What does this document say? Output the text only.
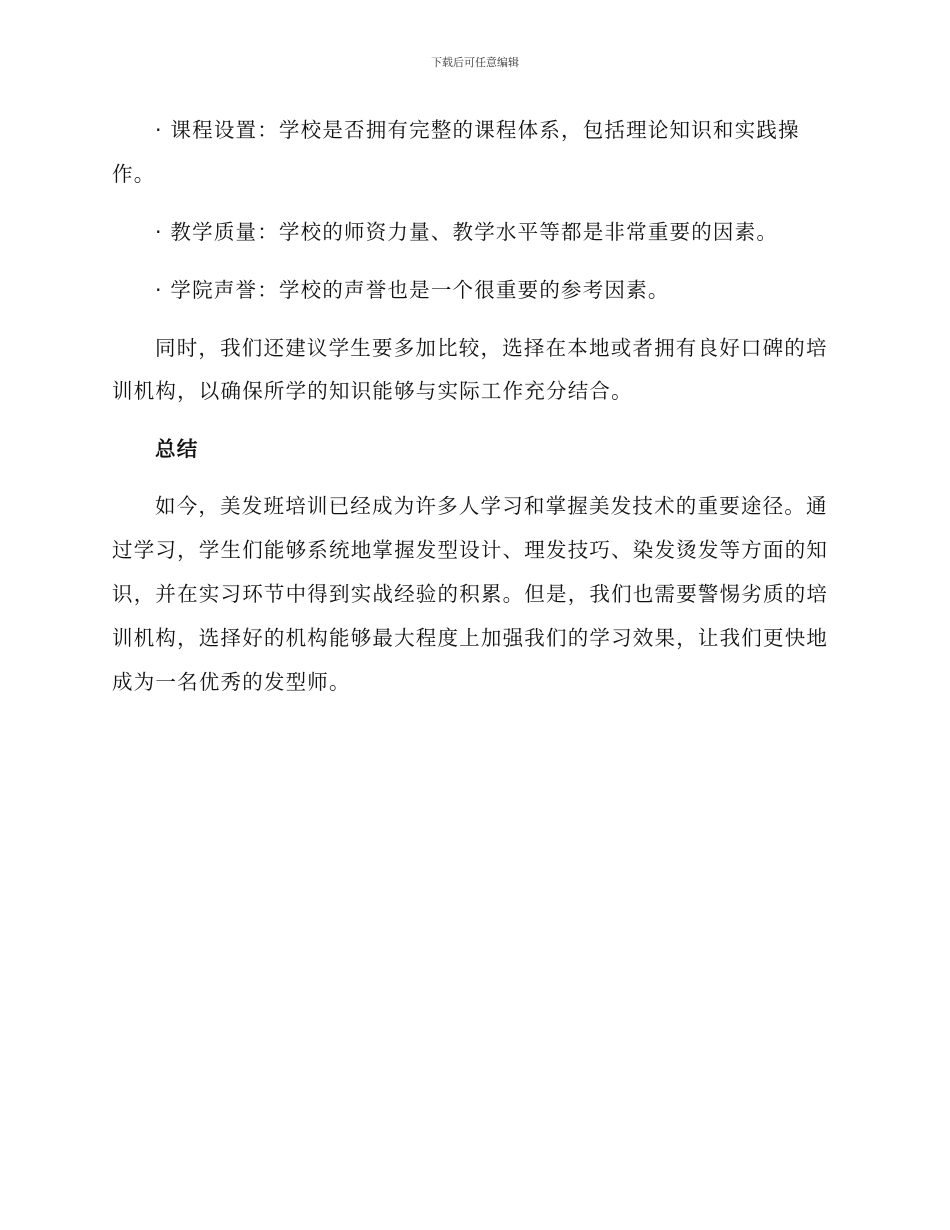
下载后可任意编辑
· 课程设置：学校是否拥有完整的课程体系，包括理论知识和实践操
作。
· 教学质量：学校的师资力量、教学水平等都是非常重要的因素。
· 学院声誉：学校的声誉也是一个很重要的参考因素。
同时，我们还建议学生要多加比较，选择在本地或者拥有良好口碑的培
训机构，以确保所学的知识能够与实际工作充分结合。
总结
如今，美发班培训已经成为许多人学习和掌握美发技术的重要途径。通
过学习，学生们能够系统地掌握发型设计、理发技巧、染发烫发等方面的知
识，并在实习环节中得到实战经验的积累。但是，我们也需要警惕劣质的培
训机构，选择好的机构能够最大程度上加强我们的学习效果，让我们更快地
成为一名优秀的发型师。
